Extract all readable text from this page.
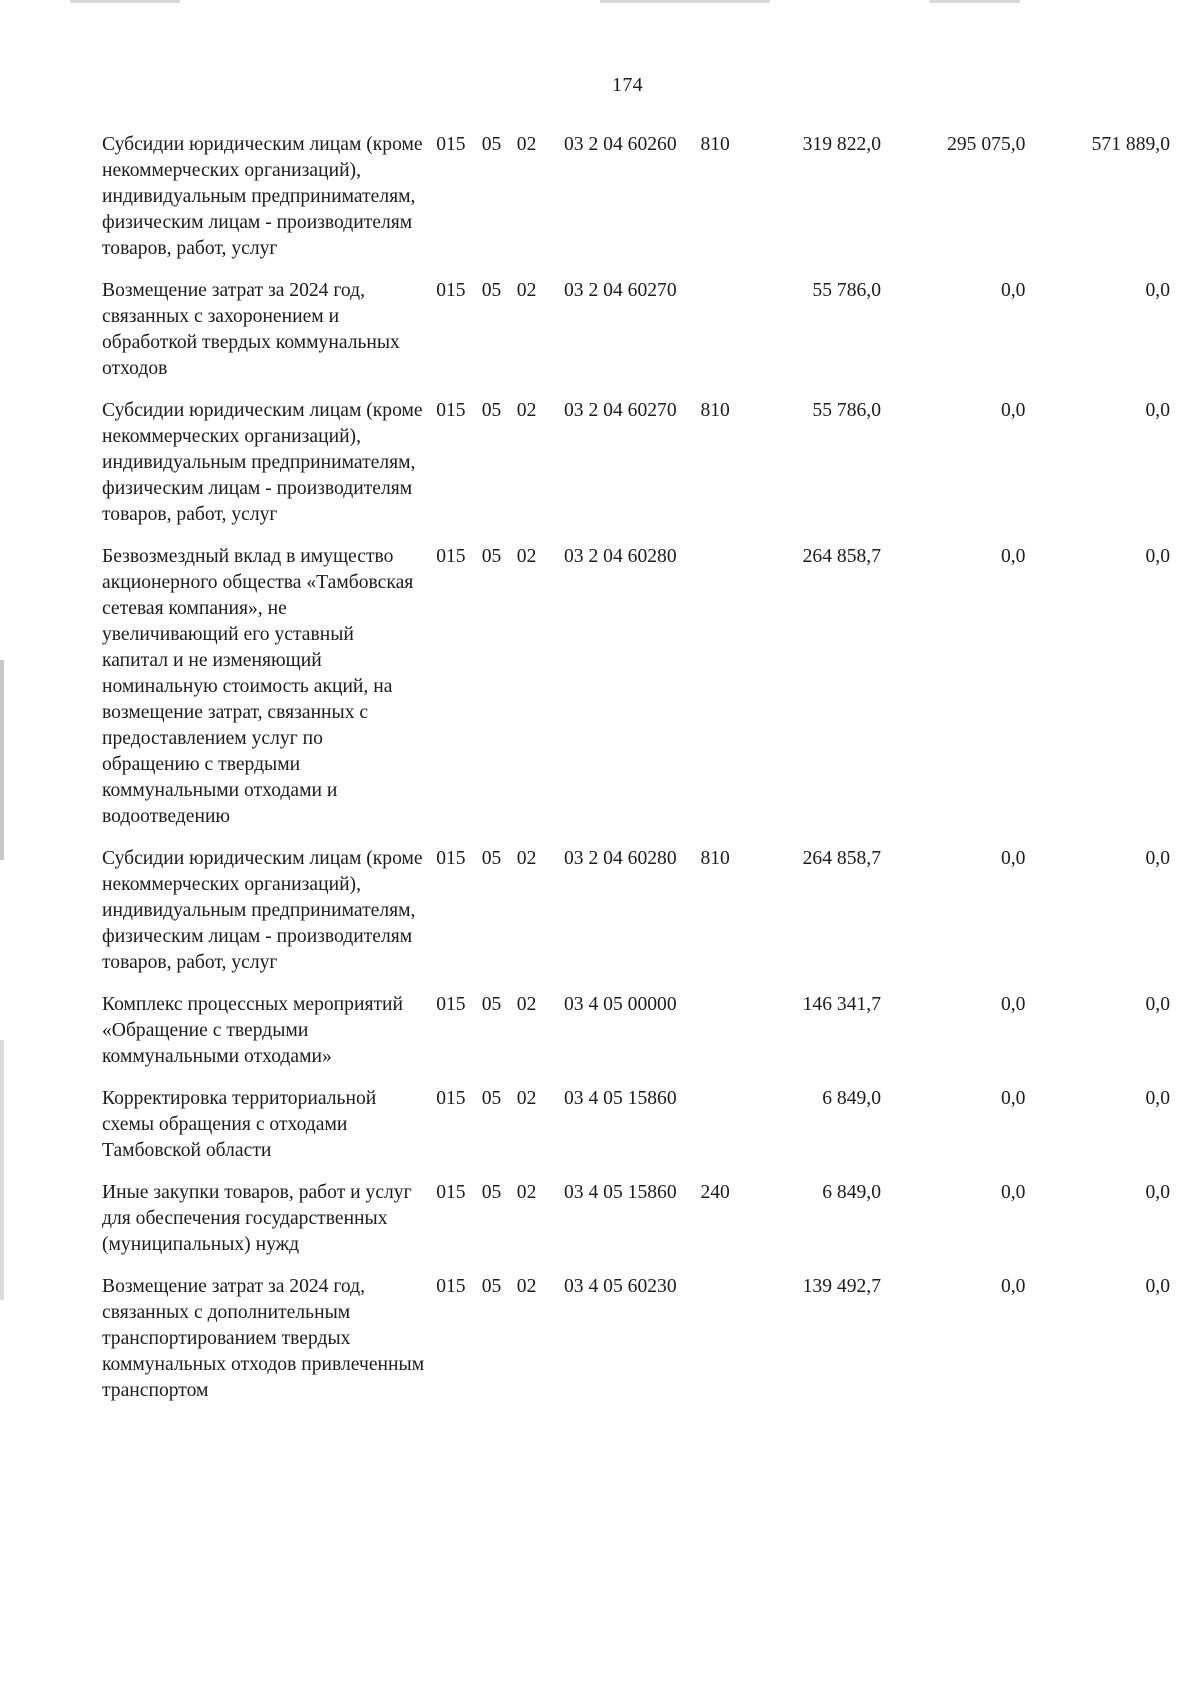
174
Субсидии юридическим лицам (кроме некоммерческих организаций), индивидуальным предпринимателям, физическим лицам - производителям товаров, работ, услуг	015	05	02	03 2 04 60260	810	319 822,0	295 075,0	571 889,0
Возмещение затрат за 2024 год, связанных с захоронением и обработкой твердых коммунальных отходов	015	05	02	03 2 04 60270		55 786,0	0,0	0,0
Субсидии юридическим лицам (кроме некоммерческих организаций), индивидуальным предпринимателям, физическим лицам - производителям товаров, работ, услуг	015	05	02	03 2 04 60270	810	55 786,0	0,0	0,0
Безвозмездный вклад в имущество акционерного общества «Тамбовская сетевая компания», не увеличивающий его уставный капитал и не изменяющий номинальную стоимость акций, на возмещение затрат, связанных с предоставлением услуг по обращению с твердыми коммунальными отходами и водоотведению	015	05	02	03 2 04 60280		264 858,7	0,0	0,0
Субсидии юридическим лицам (кроме некоммерческих организаций), индивидуальным предпринимателям, физическим лицам - производителям товаров, работ, услуг	015	05	02	03 2 04 60280	810	264 858,7	0,0	0,0
Комплекс процессных мероприятий «Обращение с твердыми коммунальными отходами»	015	05	02	03 4 05 00000		146 341,7	0,0	0,0
Корректировка территориальной схемы обращения с отходами Тамбовской области	015	05	02	03 4 05 15860		6 849,0	0,0	0,0
Иные закупки товаров, работ и услуг для обеспечения государственных (муниципальных) нужд	015	05	02	03 4 05 15860	240	6 849,0	0,0	0,0
Возмещение затрат за 2024 год, связанных с дополнительным транспортированием твердых коммунальных отходов привлеченным транспортом	015	05	02	03 4 05 60230		139 492,7	0,0	0,0
